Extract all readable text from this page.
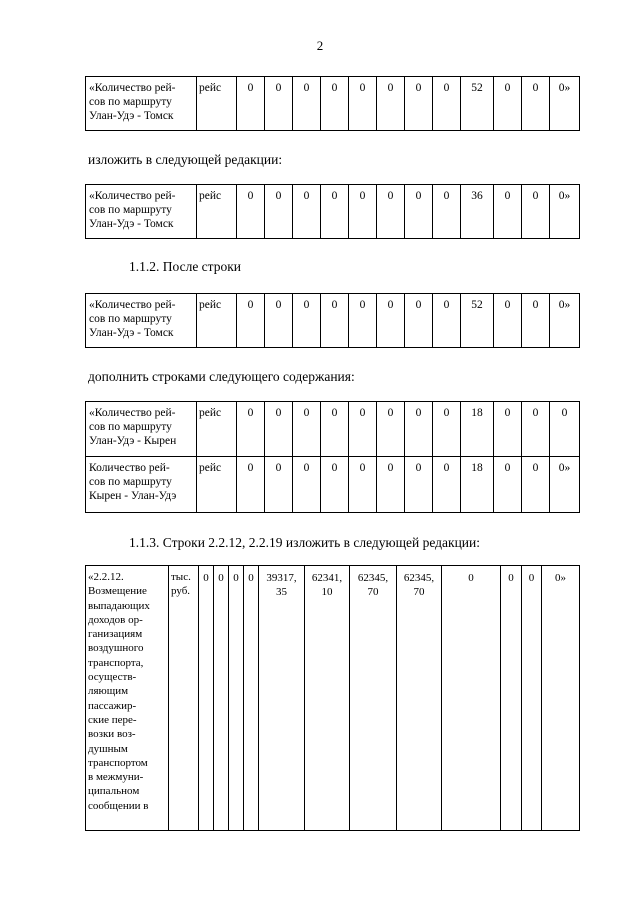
2
«Количество рей-
сов по маршруту
Улан-Удэ - Томск	рейс	0	0	0	0	0	0	0	0	52	0	0	0»
изложить в следующей редакции:
«Количество рей-
сов по маршруту
Улан-Удэ - Томск	рейс	0	0	0	0	0	0	0	0	36	0	0	0»
1.1.2. После строки
«Количество рей-
сов по маршруту
Улан-Удэ - Томск	рейс	0	0	0	0	0	0	0	0	52	0	0	0»
дополнить строками следующего содержания:
«Количество рей-
сов по маршруту
Улан-Удэ - Кырен	рейс	0	0	0	0	0	0	0	0	18	0	0	0
Количество рей-
сов по маршруту
Кырен - Улан-Удэ	рейс	0	0	0	0	0	0	0	0	18	0	0	0»
1.1.3. Строки 2.2.12, 2.2.19 изложить в следующей редакции:
«2.2.12.
Возмещение
выпадающих
доходов ор-
ганизациям
воздушного
транспорта,
осуществ-
ляющим
пассажир-
ские пере-
возки воз-
душным
транспортом
в межмуни-
ципальном
сообщении в	тыс.
руб.	0	0	0	0	39317,
35	62341,
10	62345,
70	62345,
70	0	0	0	0»
